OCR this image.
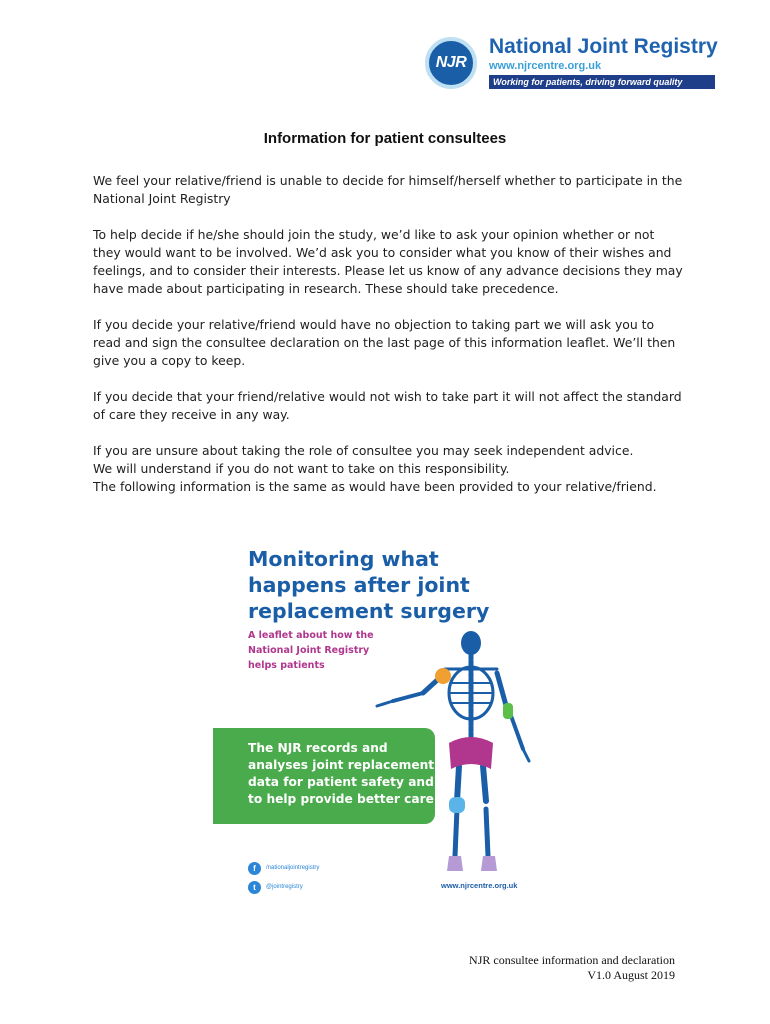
NJR
National Joint Registry
www.njrcentre.org.uk
Working for patients, driving forward quality
Information for patient consultees

We feel your relative/friend is unable to decide for himself/herself whether to participate in the National Joint Registry

To help decide if he/she should join the study, we’d like to ask your opinion whether or not they would want to be involved. We’d ask you to consider what you know of their wishes and feelings, and to consider their interests. Please let us know of any advance decisions they may have made about participating in research. These should take precedence.

If you decide your relative/friend would have no objection to taking part we will ask you to read and sign the consultee declaration on the last page of this information leaflet. We’ll then give you a copy to keep.

If you decide that your friend/relative would not wish to take part it will not affect the standard of care they receive in any way.

If you are unsure about taking the role of consultee you may seek independent advice.

We will understand if you do not want to take on this responsibility.

The following information is the same as would have been provided to your relative/friend.

Monitoring what happens after joint replacement surgery
A leaflet about how the National Joint Registry helps patients
The NJR records and analyses joint replacement data for patient safety and to help provide better care
f	/nationaljointregistry
t	@jointregistry	www.njrcentre.org.uk
NJR consultee information and declaration
V1.0 August 2019
